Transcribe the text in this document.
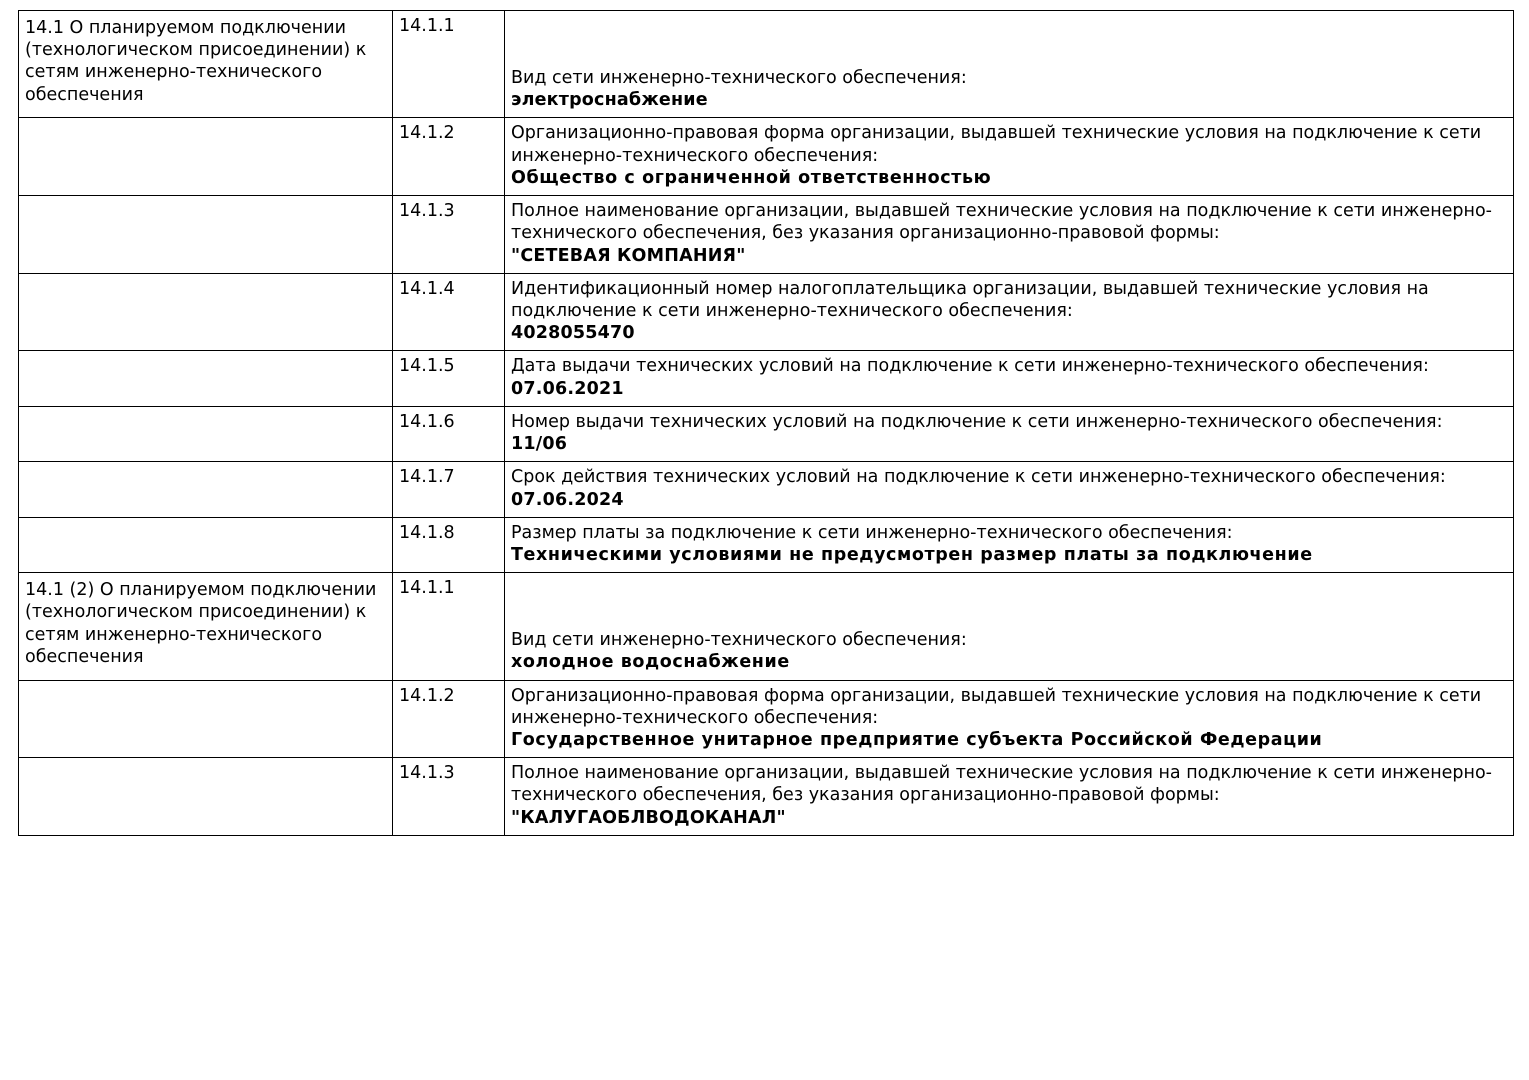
14.1 О планируемом подключении (технологическом присоединении) к сетям инженерно-технического обеспечения	14.1.1	Вид сети инженерно-технического обеспечения:
электроснабжение

	14.1.2	Организационно-правовая форма организации, выдавшей технические условия на подключение к сети инженерно-технического обеспечения:
Общество с ограниченной ответственностью

	14.1.3	Полное наименование организации, выдавшей технические условия на подключение к сети инженерно-технического обеспечения, без указания организационно-правовой формы:
"СЕТЕВАЯ КОМПАНИЯ"

	14.1.4	Идентификационный номер налогоплательщика организации, выдавшей технические условия на подключение к сети инженерно-технического обеспечения:
4028055470

	14.1.5	Дата выдачи технических условий на подключение к сети инженерно-технического обеспечения:
07.06.2021

	14.1.6	Номер выдачи технических условий на подключение к сети инженерно-технического обеспечения:
11/06

	14.1.7	Срок действия технических условий на подключение к сети инженерно-технического обеспечения:
07.06.2024

	14.1.8	Размер платы за подключение к сети инженерно-технического обеспечения:
Техническими условиями не предусмотрен размер платы за подключение

14.1 (2) О планируемом подключении (технологическом присоединении) к сетям инженерно-технического обеспечения	14.1.1	Вид сети инженерно-технического обеспечения:
холодное водоснабжение

	14.1.2	Организационно-правовая форма организации, выдавшей технические условия на подключение к сети инженерно-технического обеспечения:
Государственное унитарное предприятие субъекта Российской Федерации

	14.1.3	Полное наименование организации, выдавшей технические условия на подключение к сети инженерно-технического обеспечения, без указания организационно-правовой формы:
"КАЛУГАОБЛВОДОКАНАЛ"
